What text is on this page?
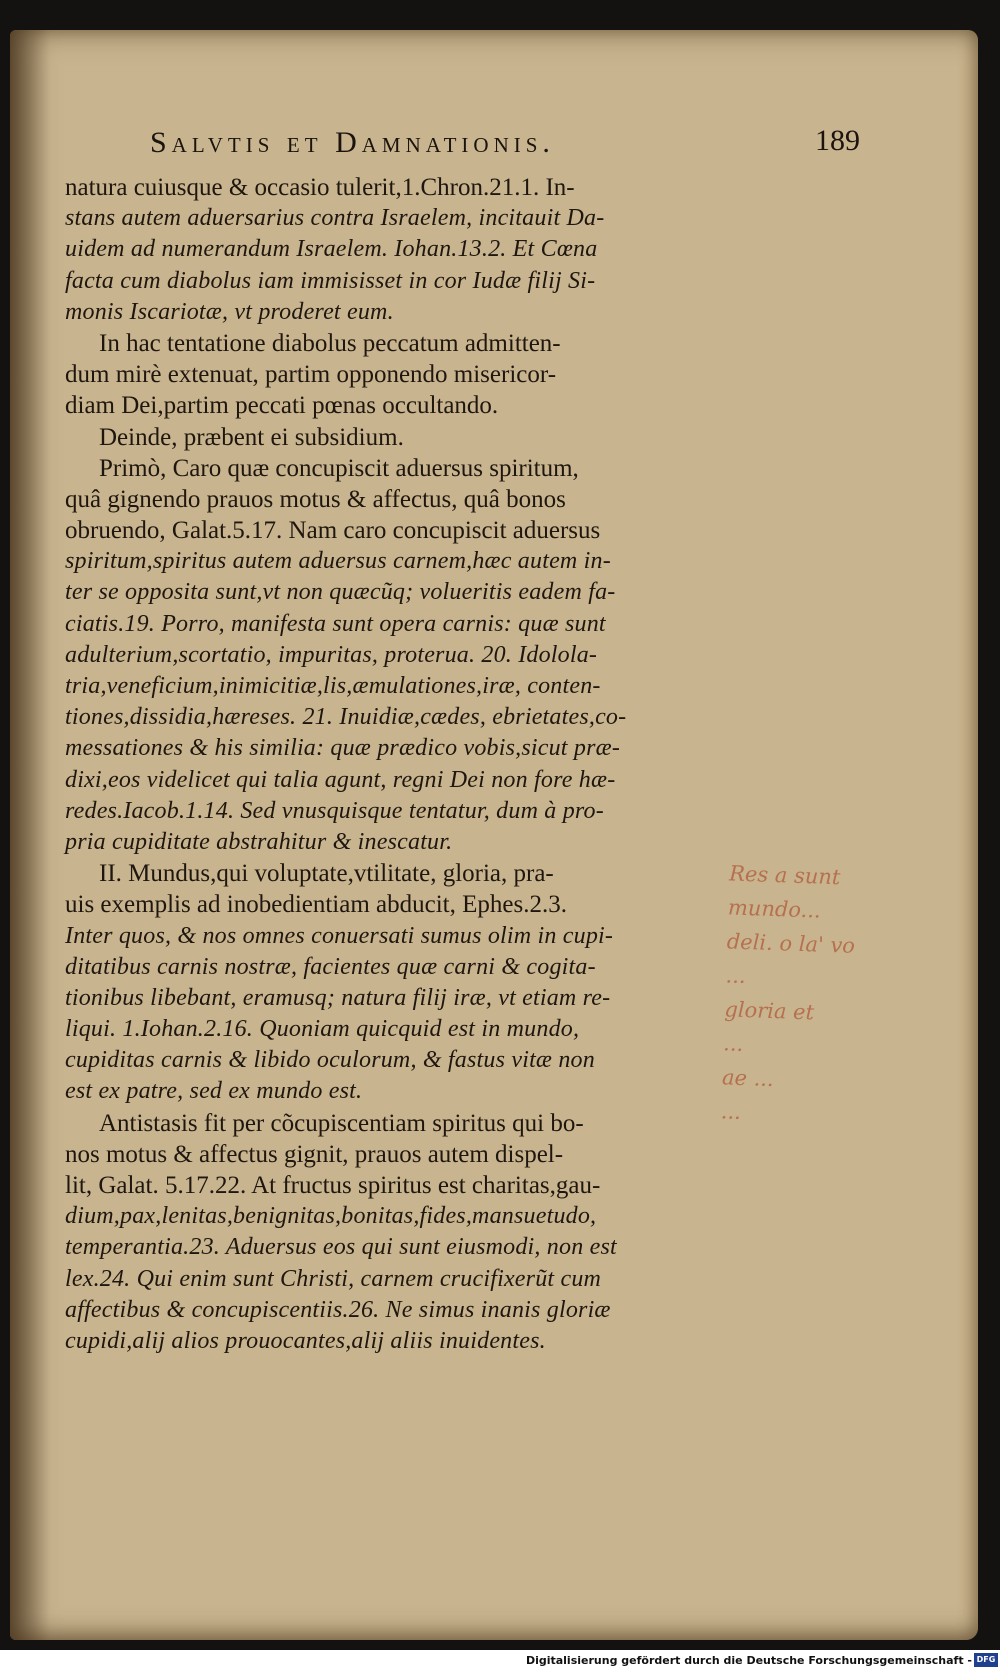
Salvtis et Damnationis.	189
natura cuiusque & occasio tulerit,1.Chron.21.1. In-
stans autem aduersarius contra Israelem, incitauit Da-
uidem ad numerandum Israelem. Iohan.13.2. Et Cœna
facta cum diabolus iam immisisset in cor Iudæ filij Si-
monis Iscariotæ, vt proderet eum.
In hac tentatione diabolus peccatum admitten-
dum mirè extenuat, partim opponendo misericor-
diam Dei,partim peccati pœnas occultando.
Deinde, præbent ei subsidium.
Primò, Caro quæ concupiscit aduersus spiritum,
quâ gignendo prauos motus & affectus, quâ bonos
obruendo, Galat.5.17. Nam caro concupiscit aduersus
spiritum,spiritus autem aduersus carnem,hæc autem in-
ter se opposita sunt,vt non quæcũq; volueritis eadem fa-
ciatis.19. Porro, manifesta sunt opera carnis: quæ sunt
adulterium,scortatio, impuritas, proterua. 20. Idolola-
tria,veneficium,inimicitiæ,lis,æmulationes,iræ, conten-
tiones,dissidia,hæreses. 21. Inuidiæ,cædes, ebrietates,co-
messationes & his similia: quæ prædico vobis,sicut præ-
dixi,eos videlicet qui talia agunt, regni Dei non fore hæ-
redes.Iacob.1.14. Sed vnusquisque tentatur, dum à pro-
pria cupiditate abstrahitur & inescatur.
II. Mundus,qui voluptate,vtilitate, gloria, pra-
uis exemplis ad inobedientiam abducit, Ephes.2.3.
Inter quos, & nos omnes conuersati sumus olim in cupi-
ditatibus carnis nostræ, facientes quæ carni & cogita-
tionibus libebant, eramusq; natura filij iræ, vt etiam re-
liqui. 1.Iohan.2.16. Quoniam quicquid est in mundo,
cupiditas carnis & libido oculorum, & fastus vitæ non
est ex patre, sed ex mundo est.
Antistasis fit per cõcupiscentiam spiritus qui bo-
nos motus & affectus gignit, prauos autem dispel-
lit, Galat. 5.17.22. At fructus spiritus est charitas,gau-
dium,pax,lenitas,benignitas,bonitas,fides,mansuetudo,
temperantia.23. Aduersus eos qui sunt eiusmodi, non est
lex.24. Qui enim sunt Christi, carnem crucifixerũt cum
affectibus & concupiscentiis.26. Ne simus inanis gloriæ
cupidi,alij alios prouocantes,alij aliis inuidentes.
Res a sunt
mundo...
deli. o la' vo
...
gloria et
...
ae ...
...
Digitalisierung gefördert durch die Deutsche Forschungsgemeinschaft - DFG
